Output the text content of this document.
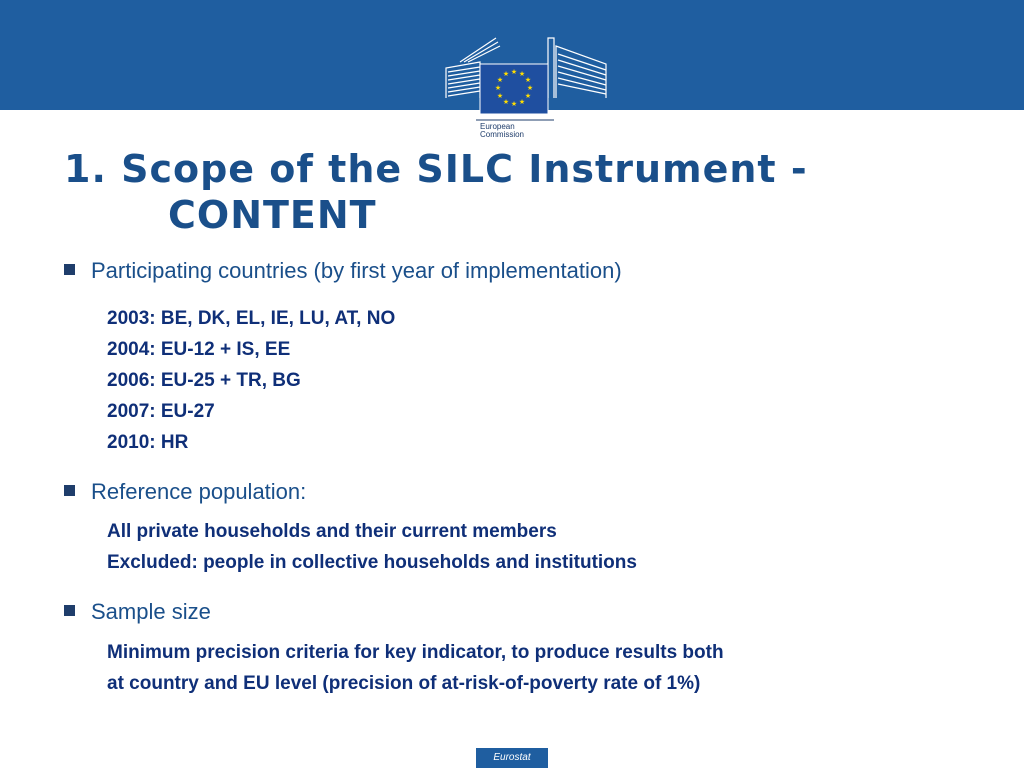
★ ★
★
★
★
★
★
★
★
★
★
★
European
Commission
1. Scope of the SILC Instrument -
CONTENT
Participating countries (by first year of implementation)
2003: BE, DK, EL, IE, LU, AT, NO
2004: EU-12 + IS, EE
2006: EU-25 + TR, BG
2007: EU-27
2010: HR
Reference population:
All private households and their current members
Excluded: people in collective households and institutions
Sample size
Minimum precision criteria for key indicator, to produce results both
at country and EU level (precision of at-risk-of-poverty rate of 1%)
Eurostat
